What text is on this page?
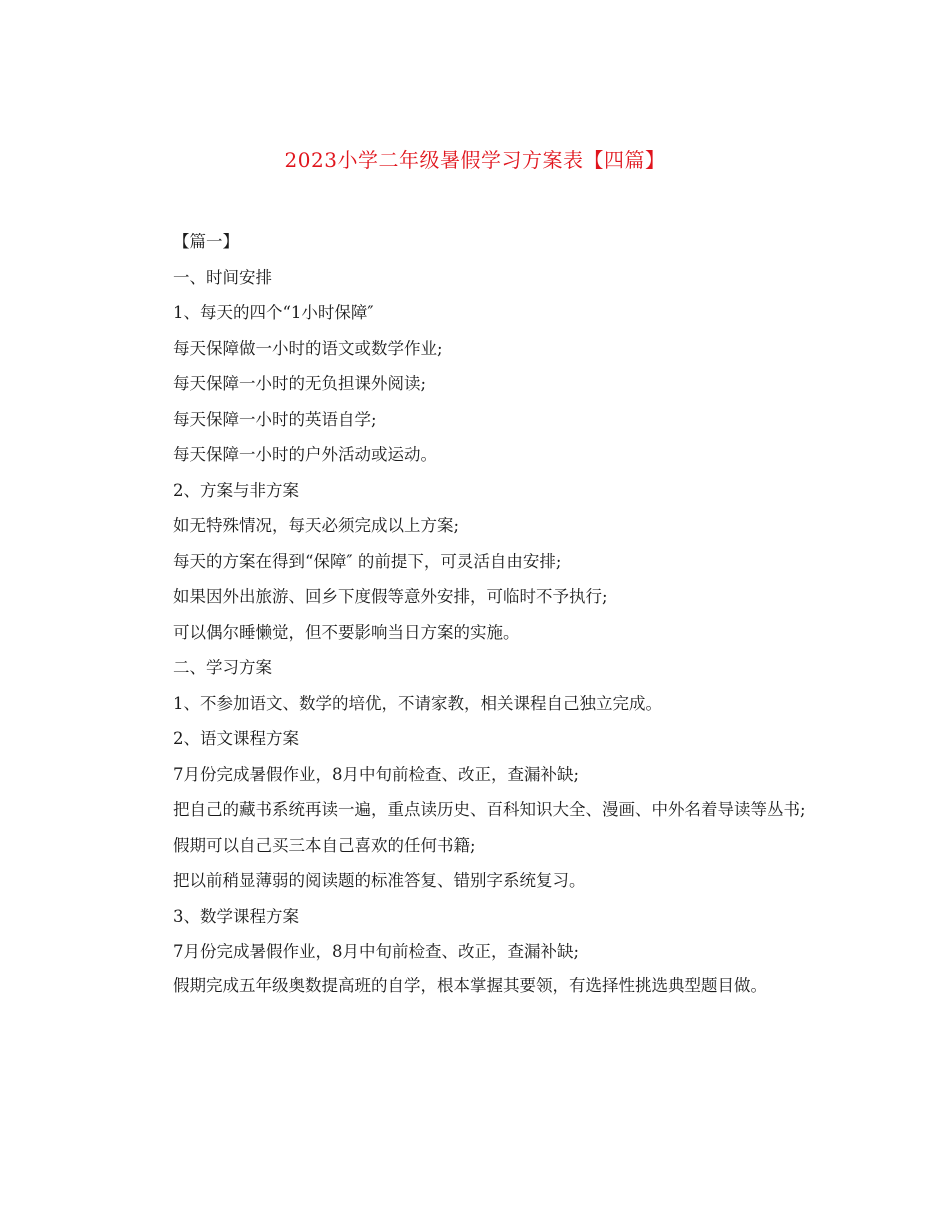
2023小学二年级暑假学习方案表【四篇】

【篇一】

一、时间安排

1、每天的四个“1小时保障″

每天保障做一小时的语文或数学作业;

每天保障一小时的无负担课外阅读;

每天保障一小时的英语自学;

每天保障一小时的户外活动或运动。

2、方案与非方案

如无特殊情况，每天必须完成以上方案;

每天的方案在得到“保障″ 的前提下，可灵活自由安排;

如果因外出旅游、回乡下度假等意外安排，可临时不予执行;

可以偶尔睡懒觉，但不要影响当日方案的实施。

二、学习方案

1、不参加语文、数学的培优，不请家教，相关课程自己独立完成。

2、语文课程方案

7月份完成暑假作业，8月中旬前检查、改正，查漏补缺;

把自己的藏书系统再读一遍，重点读历史、百科知识大全、漫画、中外名着导读等丛书;

假期可以自己买三本自己喜欢的任何书籍;

把以前稍显薄弱的阅读题的标准答复、错别字系统复习。

3、数学课程方案

7月份完成暑假作业，8月中旬前检查、改正，查漏补缺;

假期完成五年级奥数提高班的自学，根本掌握其要领，有选择性挑选典型题目做。
